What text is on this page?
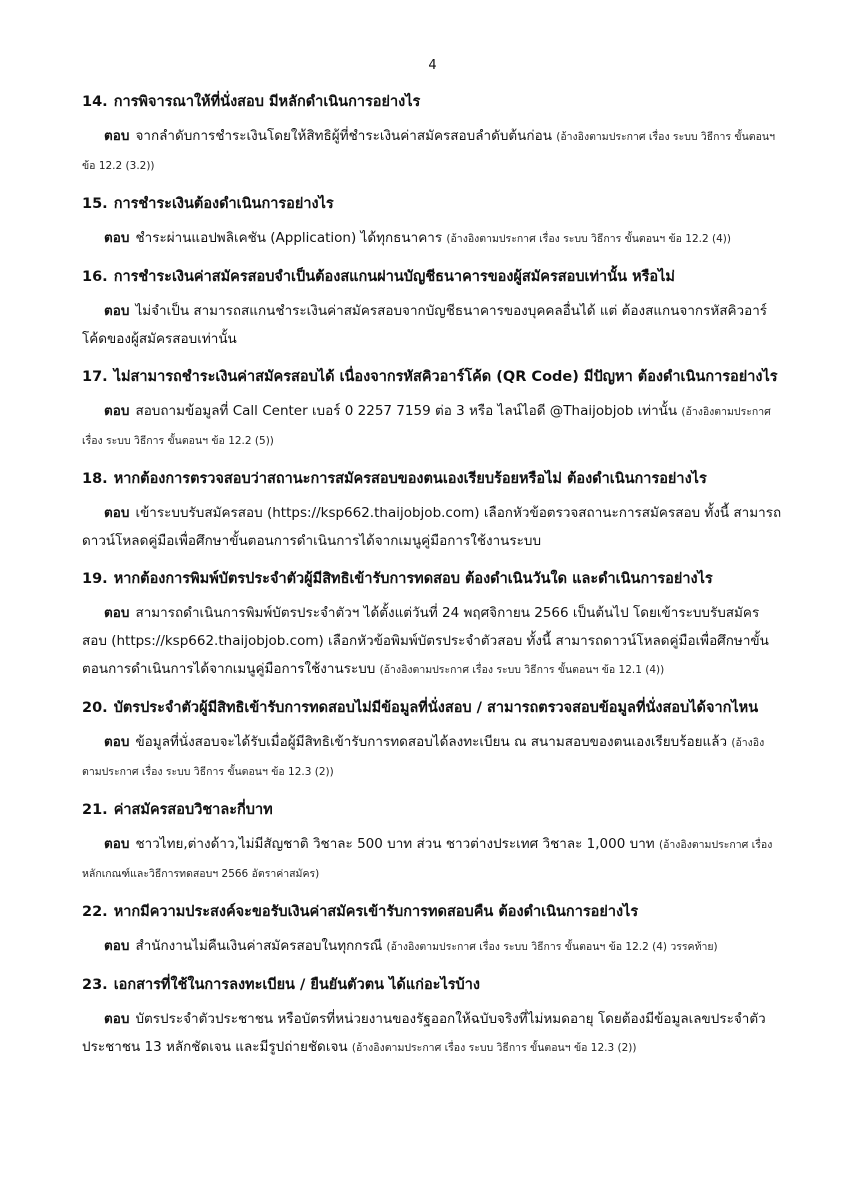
4

14. การพิจารณาให้ที่นั่งสอบ มีหลักดำเนินการอย่างไร

ตอบ จากลำดับการชำระเงินโดยให้สิทธิผู้ที่ชำระเงินค่าสมัครสอบลำดับต้นก่อน (อ้างอิงตามประกาศ เรื่อง ระบบ วิธีการ ขั้นตอนฯ ข้อ 12.2 (3.2))

15. การชำระเงินต้องดำเนินการอย่างไร

ตอบ ชำระผ่านแอปพลิเคชัน (Application) ได้ทุกธนาคาร (อ้างอิงตามประกาศ เรื่อง ระบบ วิธีการ ขั้นตอนฯ ข้อ 12.2 (4))

16. การชำระเงินค่าสมัครสอบจำเป็นต้องสแกนผ่านบัญชีธนาคารของผู้สมัครสอบเท่านั้น หรือไม่

ตอบ ไม่จำเป็น สามารถสแกนชำระเงินค่าสมัครสอบจากบัญชีธนาคารของบุคคลอื่นได้ แต่ ต้องสแกนจากรหัสคิวอาร์โค้ดของผู้สมัครสอบเท่านั้น

17. ไม่สามารถชำระเงินค่าสมัครสอบได้ เนื่องจากรหัสคิวอาร์โค้ด (QR Code) มีปัญหา ต้องดำเนินการอย่างไร

ตอบ สอบถามข้อมูลที่ Call Center เบอร์ 0 2257 7159 ต่อ 3 หรือ ไลน์ไอดี @Thaijobjob เท่านั้น (อ้างอิงตามประกาศ เรื่อง ระบบ วิธีการ ขั้นตอนฯ ข้อ 12.2 (5))

18. หากต้องการตรวจสอบว่าสถานะการสมัครสอบของตนเองเรียบร้อยหรือไม่ ต้องดำเนินการอย่างไร

ตอบ เข้าระบบรับสมัครสอบ (https://ksp662.thaijobjob.com) เลือกหัวข้อตรวจสถานะการสมัครสอบ ทั้งนี้ สามารถดาวน์โหลดคู่มือเพื่อศึกษาขั้นตอนการดำเนินการได้จากเมนูคู่มือการใช้งานระบบ

19. หากต้องการพิมพ์บัตรประจำตัวผู้มีสิทธิเข้ารับการทดสอบ ต้องดำเนินวันใด และดำเนินการอย่างไร

ตอบ สามารถดำเนินการพิมพ์บัตรประจำตัวฯ ได้ตั้งแต่วันที่ 24 พฤศจิกายน 2566 เป็นต้นไป โดยเข้าระบบรับสมัครสอบ (https://ksp662.thaijobjob.com) เลือกหัวข้อพิมพ์บัตรประจำตัวสอบ ทั้งนี้ สามารถดาวน์โหลดคู่มือเพื่อศึกษาขั้นตอนการดำเนินการได้จากเมนูคู่มือการใช้งานระบบ (อ้างอิงตามประกาศ เรื่อง ระบบ วิธีการ ขั้นตอนฯ ข้อ 12.1 (4))

20. บัตรประจำตัวผู้มีสิทธิเข้ารับการทดสอบไม่มีข้อมูลที่นั่งสอบ / สามารถตรวจสอบข้อมูลที่นั่งสอบได้จากไหน

ตอบ ข้อมูลที่นั่งสอบจะได้รับเมื่อผู้มีสิทธิเข้ารับการทดสอบได้ลงทะเบียน ณ สนามสอบของตนเองเรียบร้อยแล้ว (อ้างอิงตามประกาศ เรื่อง ระบบ วิธีการ ขั้นตอนฯ ข้อ 12.3 (2))

21. ค่าสมัครสอบวิชาละกี่บาท

ตอบ ชาวไทย,ต่างด้าว,ไม่มีสัญชาติ วิชาละ 500 บาท ส่วน ชาวต่างประเทศ วิชาละ 1,000 บาท (อ้างอิงตามประกาศ เรื่อง หลักเกณฑ์และวิธีการทดสอบฯ 2566 อัตราค่าสมัคร)

22. หากมีความประสงค์จะขอรับเงินค่าสมัครเข้ารับการทดสอบคืน ต้องดำเนินการอย่างไร

ตอบ สำนักงานไม่คืนเงินค่าสมัครสอบในทุกกรณี (อ้างอิงตามประกาศ เรื่อง ระบบ วิธีการ ขั้นตอนฯ ข้อ 12.2 (4) วรรคท้าย)

23. เอกสารที่ใช้ในการลงทะเบียน / ยืนยันตัวตน ได้แก่อะไรบ้าง

ตอบ บัตรประจำตัวประชาชน หรือบัตรที่หน่วยงานของรัฐออกให้ฉบับจริงที่ไม่หมดอายุ โดยต้องมีข้อมูลเลขประจำตัวประชาชน 13 หลักชัดเจน และมีรูปถ่ายชัดเจน (อ้างอิงตามประกาศ เรื่อง ระบบ วิธีการ ขั้นตอนฯ ข้อ 12.3 (2))
